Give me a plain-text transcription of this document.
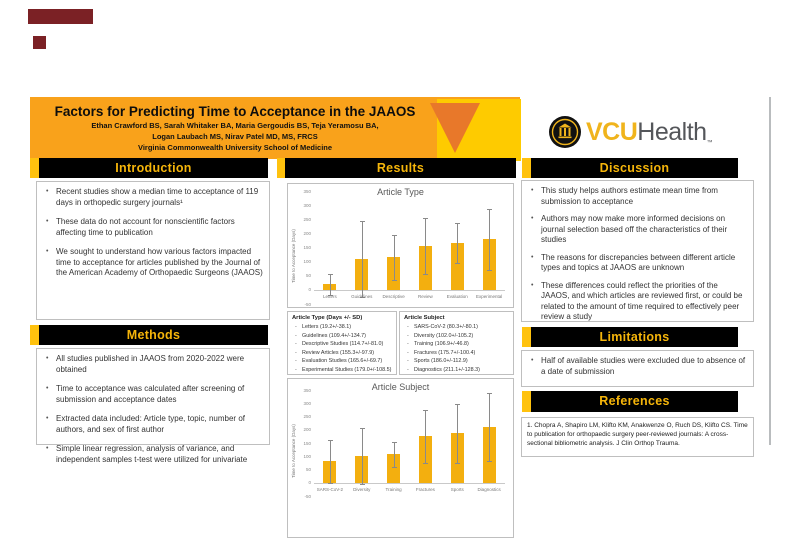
Factors for Predicting Time to Acceptance in the JAAOS
Ethan Crawford BS, Sarah Whitaker BA, Maria Gergoudis BS, Teja Yeramosu BA,
Logan Laubach MS, Nirav Patel MD, MS, FRCS
Virginia Commonwealth University School of Medicine
VCU Health ™
Introduction
• Recent studies show a median time to acceptance of 119 days in orthopedic surgery journals¹
• These data do not account for nonscientific factors affecting time to publication
• We sought to understand how various factors impacted time to acceptance for articles published by the Journal of the American Academy of Orthopaedic Surgeons (JAAOS)
Methods
• All studies published in JAAOS from 2020-2022 were obtained
• Time to acceptance was calculated after screening of submission and acceptance dates
• Extracted data included: Article type, topic, number of authors, and sex of first author
• Simple linear regression, analysis of variance, and independent samples t-test were utilized for univariate
Results
Article Type
Time to Acceptance (Days)
350
300
250
200
150
100
50
0
-50
Letters	Guidelines	Descriptive	Review	Evaluation	Experimental
Article Type (Days +/- SD)
- Letters (19.2+/-38.1)
- Guidelines (109.4+/-134.7)
- Descriptive Studies (114.7+/-81.0)
- Review Articles (155.3+/-97.9)
- Evaluation Studies (165.6+/-69.7)
- Experimental Studies (179.0+/-108.5)
Article Subject
- SARS-CoV-2 (80.3+/-80.1)
- Diversity (102.0+/-105.2)
- Training (106.9+/-46.8)
- Fractures (175.7+/-100.4)
- Sports (186.0+/-112.9)
- Diagnostics (211.1+/-128.3)
Article Subject
Time to Acceptance (Days)
350
300
250
200
150
100
50
0
-50
SARS-CoV-2	Diversity	Training	Fractures	Sports	Diagnostics
Discussion
• This study helps authors estimate mean time from submission to acceptance
• Authors may now make more informed decisions on journal selection based off the characteristics of their studies
• The reasons for discrepancies between different article types and topics at JAAOS are unknown
• These differences could reflect the priorities of the JAAOS, and which articles are reviewed first, or could be related to the amount of time required to effectively peer review a study
Limitations
• Half of available studies were excluded due to absence of a date of submission
References
1. Chopra A, Shapiro LM, Klifto KM, Anakwenze O, Ruch DS, Klifto CS. Time to publication for orthopaedic surgery peer-reviewed journals: A cross-sectional bibliometric analysis. J Clin Orthop Trauma.
